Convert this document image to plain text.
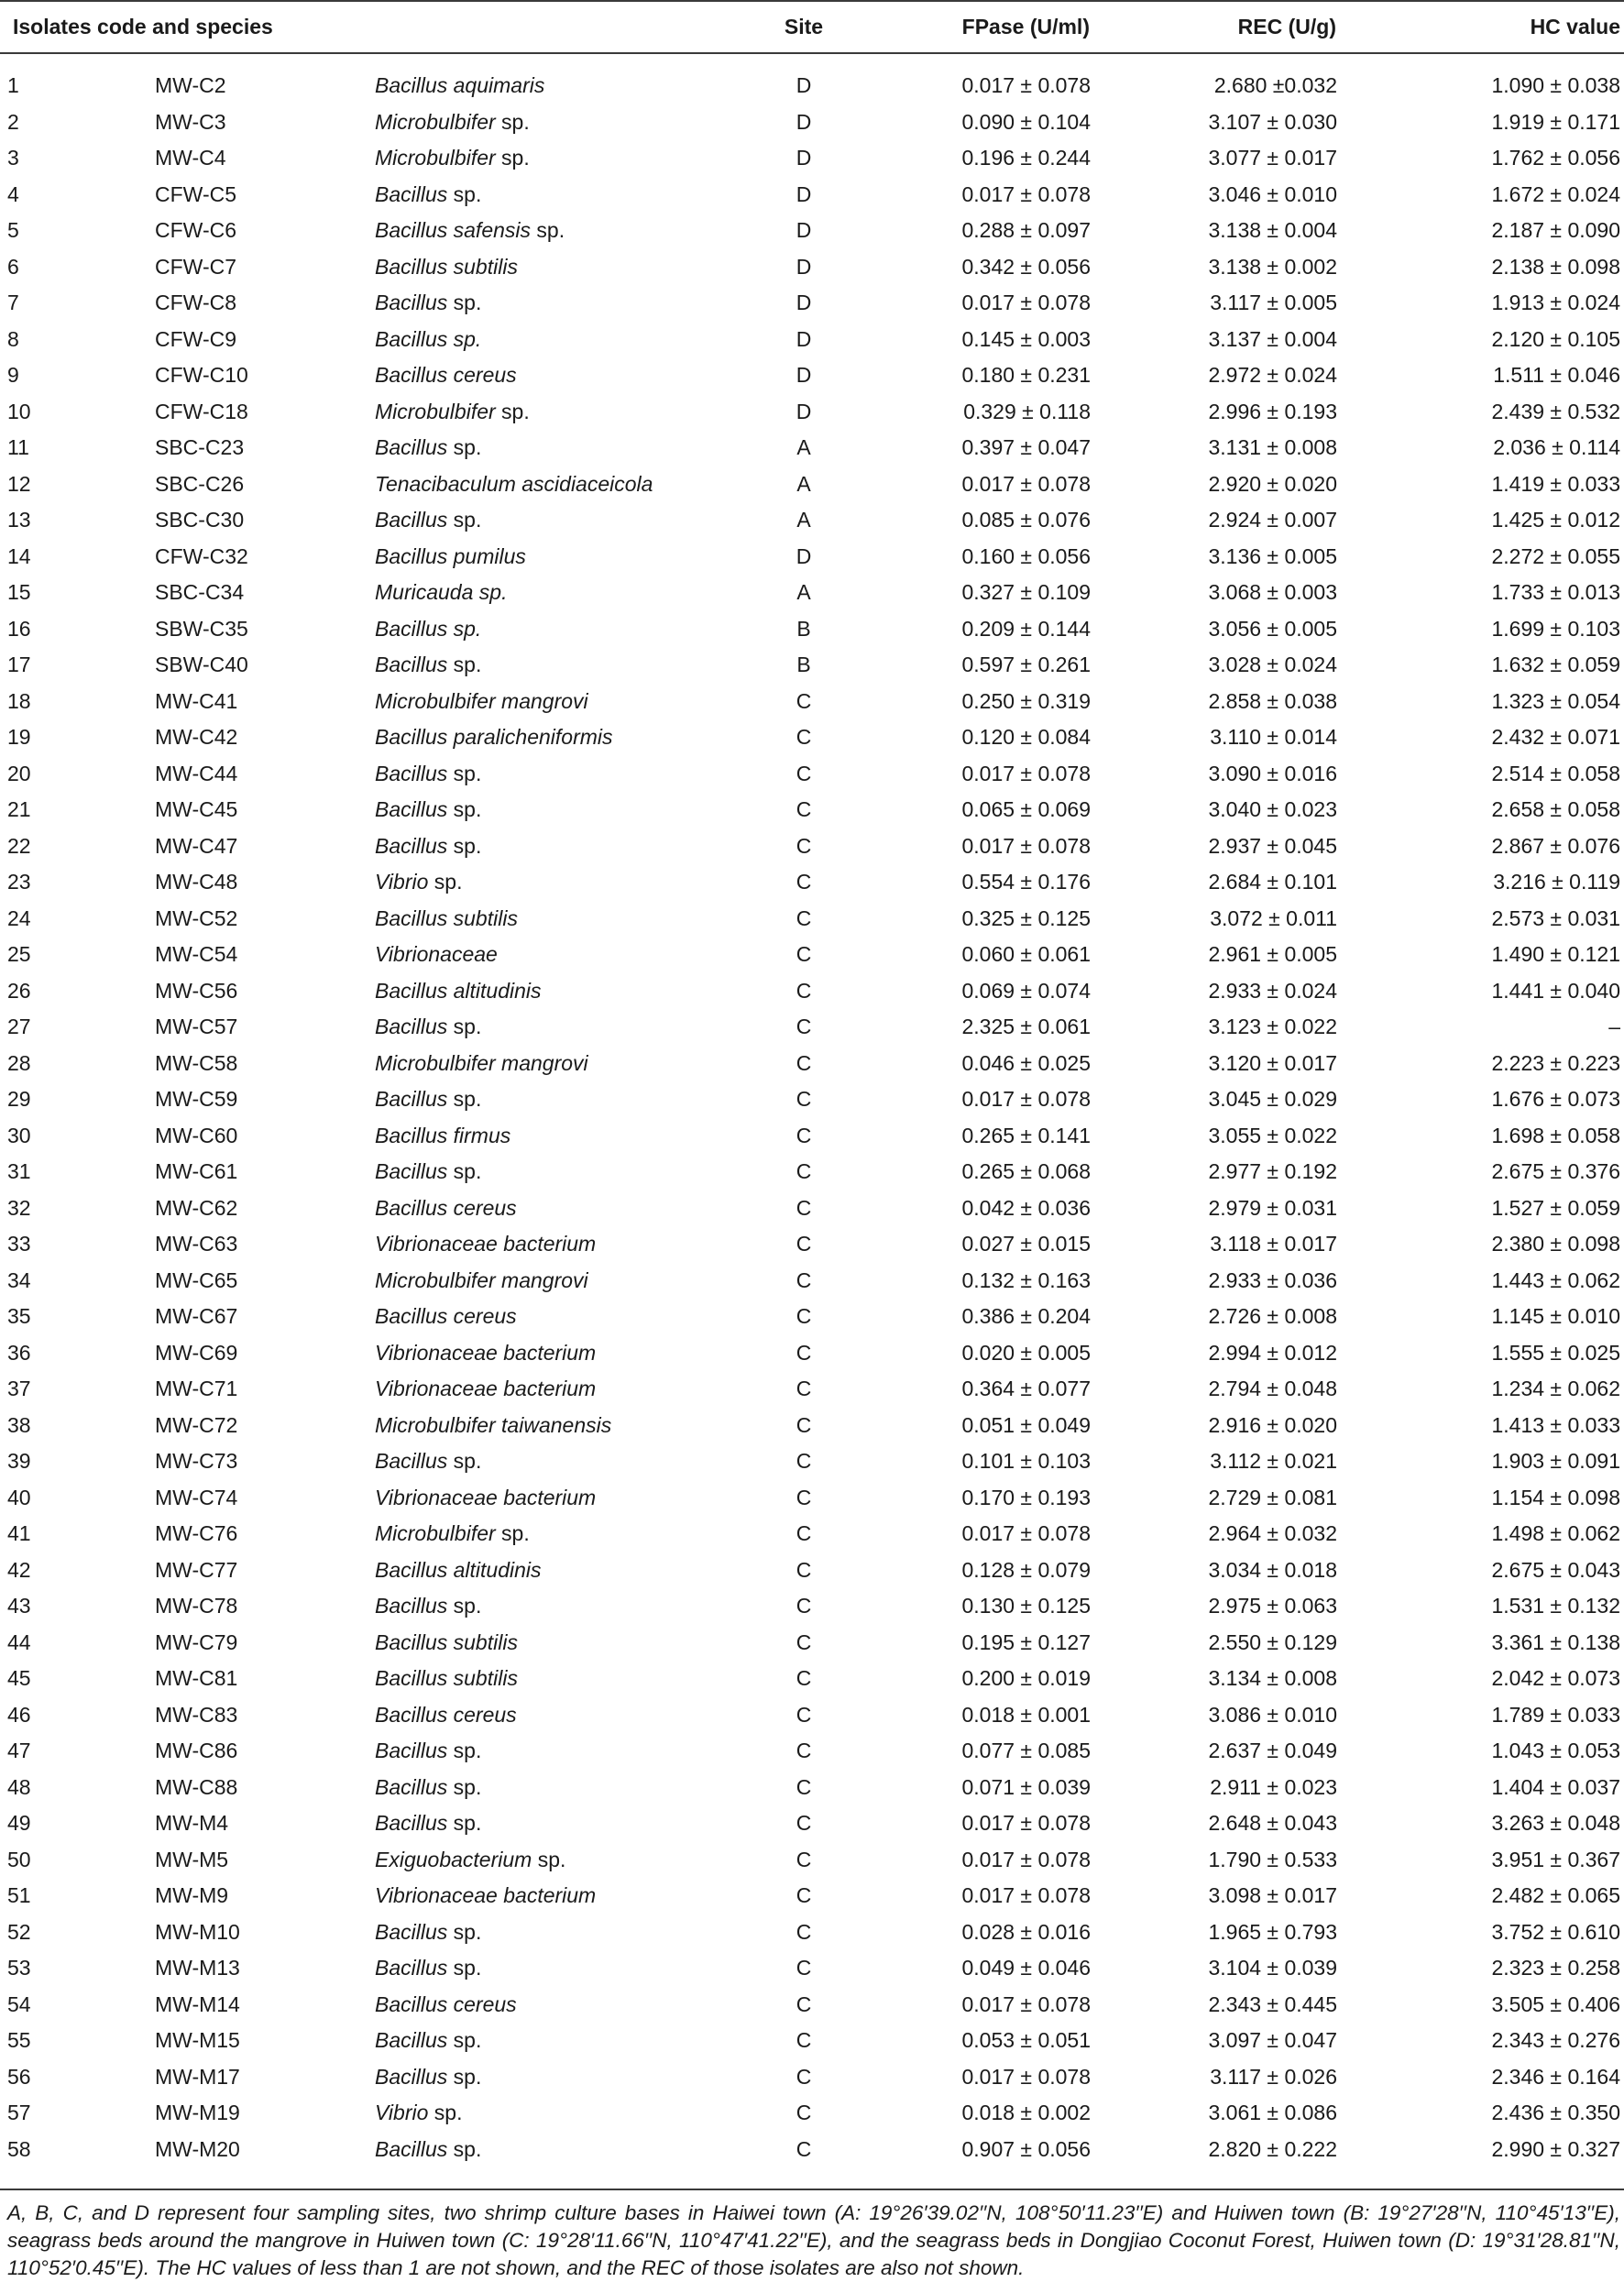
Isolates code and species	Site	FPase (U/ml)	REC (U/g)	HC value
1	MW-C2	Bacillus aquimaris	D	0.017 ± 0.078	2.680 ±0.032	1.090 ± 0.038
2	MW-C3	Microbulbifer sp.	D	0.090 ± 0.104	3.107 ± 0.030	1.919 ± 0.171
3	MW-C4	Microbulbifer sp.	D	0.196 ± 0.244	3.077 ± 0.017	1.762 ± 0.056
4	CFW-C5	Bacillus sp.	D	0.017 ± 0.078	3.046 ± 0.010	1.672 ± 0.024
5	CFW-C6	Bacillus safensis sp.	D	0.288 ± 0.097	3.138 ± 0.004	2.187 ± 0.090
6	CFW-C7	Bacillus subtilis	D	0.342 ± 0.056	3.138 ± 0.002	2.138 ± 0.098
7	CFW-C8	Bacillus sp.	D	0.017 ± 0.078	3.117 ± 0.005	1.913 ± 0.024
8	CFW-C9	Bacillus sp.	D	0.145 ± 0.003	3.137 ± 0.004	2.120 ± 0.105
9	CFW-C10	Bacillus cereus	D	0.180 ± 0.231	2.972 ± 0.024	1.511 ± 0.046
10	CFW-C18	Microbulbifer sp.	D	0.329 ± 0.118	2.996 ± 0.193	2.439 ± 0.532
11	SBC-C23	Bacillus sp.	A	0.397 ± 0.047	3.131 ± 0.008	2.036 ± 0.114
12	SBC-C26	Tenacibaculum ascidiaceicola	A	0.017 ± 0.078	2.920 ± 0.020	1.419 ± 0.033
13	SBC-C30	Bacillus sp.	A	0.085 ± 0.076	2.924 ± 0.007	1.425 ± 0.012
14	CFW-C32	Bacillus pumilus	D	0.160 ± 0.056	3.136 ± 0.005	2.272 ± 0.055
15	SBC-C34	Muricauda sp.	A	0.327 ± 0.109	3.068 ± 0.003	1.733 ± 0.013
16	SBW-C35	Bacillus sp.	B	0.209 ± 0.144	3.056 ± 0.005	1.699 ± 0.103
17	SBW-C40	Bacillus sp.	B	0.597 ± 0.261	3.028 ± 0.024	1.632 ± 0.059
18	MW-C41	Microbulbifer mangrovi	C	0.250 ± 0.319	2.858 ± 0.038	1.323 ± 0.054
19	MW-C42	Bacillus paralicheniformis	C	0.120 ± 0.084	3.110 ± 0.014	2.432 ± 0.071
20	MW-C44	Bacillus sp.	C	0.017 ± 0.078	3.090 ± 0.016	2.514 ± 0.058
21	MW-C45	Bacillus sp.	C	0.065 ± 0.069	3.040 ± 0.023	2.658 ± 0.058
22	MW-C47	Bacillus sp.	C	0.017 ± 0.078	2.937 ± 0.045	2.867 ± 0.076
23	MW-C48	Vibrio sp.	C	0.554 ± 0.176	2.684 ± 0.101	3.216 ± 0.119
24	MW-C52	Bacillus subtilis	C	0.325 ± 0.125	3.072 ± 0.011	2.573 ± 0.031
25	MW-C54	Vibrionaceae	C	0.060 ± 0.061	2.961 ± 0.005	1.490 ± 0.121
26	MW-C56	Bacillus altitudinis	C	0.069 ± 0.074	2.933 ± 0.024	1.441 ± 0.040
27	MW-C57	Bacillus sp.	C	2.325 ± 0.061	3.123 ± 0.022	–
28	MW-C58	Microbulbifer mangrovi	C	0.046 ± 0.025	3.120 ± 0.017	2.223 ± 0.223
29	MW-C59	Bacillus sp.	C	0.017 ± 0.078	3.045 ± 0.029	1.676 ± 0.073
30	MW-C60	Bacillus firmus	C	0.265 ± 0.141	3.055 ± 0.022	1.698 ± 0.058
31	MW-C61	Bacillus sp.	C	0.265 ± 0.068	2.977 ± 0.192	2.675 ± 0.376
32	MW-C62	Bacillus cereus	C	0.042 ± 0.036	2.979 ± 0.031	1.527 ± 0.059
33	MW-C63	Vibrionaceae bacterium	C	0.027 ± 0.015	3.118 ± 0.017	2.380 ± 0.098
34	MW-C65	Microbulbifer mangrovi	C	0.132 ± 0.163	2.933 ± 0.036	1.443 ± 0.062
35	MW-C67	Bacillus cereus	C	0.386 ± 0.204	2.726 ± 0.008	1.145 ± 0.010
36	MW-C69	Vibrionaceae bacterium	C	0.020 ± 0.005	2.994 ± 0.012	1.555 ± 0.025
37	MW-C71	Vibrionaceae bacterium	C	0.364 ± 0.077	2.794 ± 0.048	1.234 ± 0.062
38	MW-C72	Microbulbifer taiwanensis	C	0.051 ± 0.049	2.916 ± 0.020	1.413 ± 0.033
39	MW-C73	Bacillus sp.	C	0.101 ± 0.103	3.112 ± 0.021	1.903 ± 0.091
40	MW-C74	Vibrionaceae bacterium	C	0.170 ± 0.193	2.729 ± 0.081	1.154 ± 0.098
41	MW-C76	Microbulbifer sp.	C	0.017 ± 0.078	2.964 ± 0.032	1.498 ± 0.062
42	MW-C77	Bacillus altitudinis	C	0.128 ± 0.079	3.034 ± 0.018	2.675 ± 0.043
43	MW-C78	Bacillus sp.	C	0.130 ± 0.125	2.975 ± 0.063	1.531 ± 0.132
44	MW-C79	Bacillus subtilis	C	0.195 ± 0.127	2.550 ± 0.129	3.361 ± 0.138
45	MW-C81	Bacillus subtilis	C	0.200 ± 0.019	3.134 ± 0.008	2.042 ± 0.073
46	MW-C83	Bacillus cereus	C	0.018 ± 0.001	3.086 ± 0.010	1.789 ± 0.033
47	MW-C86	Bacillus sp.	C	0.077 ± 0.085	2.637 ± 0.049	1.043 ± 0.053
48	MW-C88	Bacillus sp.	C	0.071 ± 0.039	2.911 ± 0.023	1.404 ± 0.037
49	MW-M4	Bacillus sp.	C	0.017 ± 0.078	2.648 ± 0.043	3.263 ± 0.048
50	MW-M5	Exiguobacterium sp.	C	0.017 ± 0.078	1.790 ± 0.533	3.951 ± 0.367
51	MW-M9	Vibrionaceae bacterium	C	0.017 ± 0.078	3.098 ± 0.017	2.482 ± 0.065
52	MW-M10	Bacillus sp.	C	0.028 ± 0.016	1.965 ± 0.793	3.752 ± 0.610
53	MW-M13	Bacillus sp.	C	0.049 ± 0.046	3.104 ± 0.039	2.323 ± 0.258
54	MW-M14	Bacillus cereus	C	0.017 ± 0.078	2.343 ± 0.445	3.505 ± 0.406
55	MW-M15	Bacillus sp.	C	0.053 ± 0.051	3.097 ± 0.047	2.343 ± 0.276
56	MW-M17	Bacillus sp.	C	0.017 ± 0.078	3.117 ± 0.026	2.346 ± 0.164
57	MW-M19	Vibrio sp.	C	0.018 ± 0.002	3.061 ± 0.086	2.436 ± 0.350
58	MW-M20	Bacillus sp.	C	0.907 ± 0.056	2.820 ± 0.222	2.990 ± 0.327
A, B, C, and D represent four sampling sites, two shrimp culture bases in Haiwei town (A: 19°26′39.02′′N, 108°50′11.23′′E) and Huiwen town (B: 19°27′28′′N, 110°45′13′′E), seagrass beds around the mangrove in Huiwen town (C: 19°28′11.66′′N, 110°47′41.22′′E), and the seagrass beds in Dongjiao Coconut Forest, Huiwen town (D: 19°31′28.81′′N, 110°52′0.45′′E). The HC values of less than 1 are not shown, and the REC of those isolates are also not shown.
